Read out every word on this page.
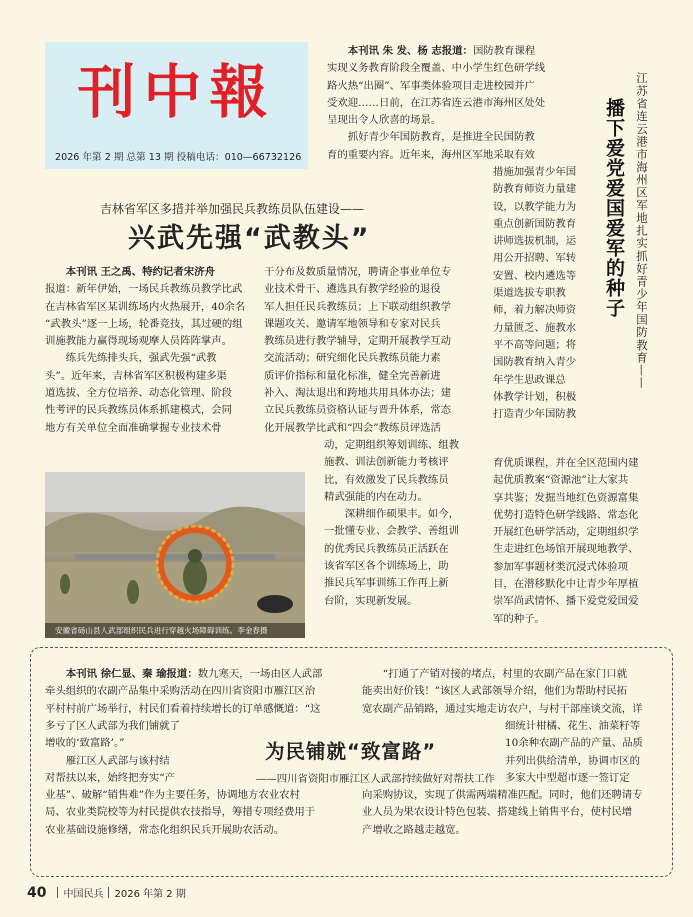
刊中報
2026 年第 2 期 总第 13 期 投稿电话：010—66732126	江苏省连云港市海州区军地扎实抓好青少年国防教育——
播下爱党爱国爱军的种子

本刊讯 朱 发、杨 志报道：国防教育课程

实现义务教育阶段全覆盖、中小学生红色研学线

路火热“出圈”、军事类体验项目走进校园并广

受欢迎……日前，在江苏省连云港市海州区处处

呈现出令人欣喜的场景。

抓好青少年国防教育，是推进全民国防教

育的重要内容。近年来，海州区军地采取有效

措施加强青少年国

防教育师资力量建

设，以教学能力为

重点创新国防教育

讲师选拔机制，运

用公开招聘、军转

安置、校内遴选等

渠道选拔专职教

师，着力解决师资

力量匮乏、施教水

平不高等问题；将

国防教育纳入青少

年学生思政课总

体教学计划，积极

打造青少年国防教

育优质课程，并在全区范围内建

起优质教案“资源池”让大家共

享共鉴；发掘当地红色资源富集

优势打造特色研学线路、常态化

开展红色研学活动，定期组织学

生走进红色场馆开展现地教学、

参加军事题材类沉浸式体验项

目，在潜移默化中让青少年厚植

崇军尚武情怀、播下爱党爱国爱

军的种子。

吉林省军区多措并举加强民兵教练员队伍建设——
兴武先强“武教头”

本刊讯 王之禹、特约记者宋济舟

报道：新年伊始，一场民兵教练员教学比武

在吉林省军区某训练场内火热展开，40余名

“武教头”逐一上场，轮番竞技，其过硬的组

训施教能力赢得现场观摩人员阵阵掌声。

练兵先练排头兵，强武先强“武教

头”。近年来，吉林省军区积极构建多渠

道选拔、全方位培养、动态化管理、阶段

性考评的民兵教练员体系抓建模式，会同

地方有关单位全面准确掌握专业技术骨

干分布及数质量情况，聘请企事业单位专

业技术骨干、遴选具有教学经验的退役

军人担任民兵教练员；上下联动组织教学

课题攻关、邀请军地领导和专家对民兵

教练员进行教学辅导，定期开展教学互动

交流活动；研究细化民兵教练员能力素

质评价指标和量化标准，健全完善新进

补入、淘汰退出和跨地共用具体办法；建

立民兵教练员资格认证与晋升体系，常态

化开展教学比武和“四会”教练员评选活

动，定期组织筹划训练、组教

施教、训法创新能力考核评

比，有效激发了民兵教练员

精武强能的内在动力。

深耕细作硕果丰。如今，

一批懂专业、会教学、善组训

的优秀民兵教练员正活跃在

该省军区各个训练场上，助

推民兵军事训练工作再上新

台阶，实现新发展。

安徽省砀山县人武部组织民兵进行穿越火场障碍训练。李金春摄

本刊讯 徐仁显、秦 瑜报道：数九寒天，一场由区人武部

牵头组织的农副产品集中采购活动在四川省资阳市雁江区治

平村村前广场举行，村民们看着持续增长的订单感慨道：“这

多亏了区人武部为我们铺就了

增收的‘致富路’。”

雁江区人武部与该村结

对帮扶以来，始终把夯实“产

业基”、破解“销售难”作为主要任务，协调地方农业农村

局、农业类院校等为村民提供农技指导，筹措专项经费用于

农业基础设施修缮，常态化组织民兵开展助农活动。

“打通了产销对接的堵点，村里的农副产品在家门口就

能卖出好价钱！”该区人武部领导介绍，他们为帮助村民拓

宽农副产品销路，通过实地走访农户，与村干部座谈交流，详

细统计柑橘、花生、油菜籽等

10余种农副产品的产量、品质

并列出供给清单，协调市区的

多家大中型超市逐一签订定

向采购协议，实现了供需两端精准匹配。同时，他们还聘请专

业人员为果农设计特色包装、搭建线上销售平台，使村民增

产增收之路越走越宽。

为民铺就“致富路”
——四川省资阳市雁江区人武部持续做好对帮扶工作
40 中国民兵 2026 年第 2 期
